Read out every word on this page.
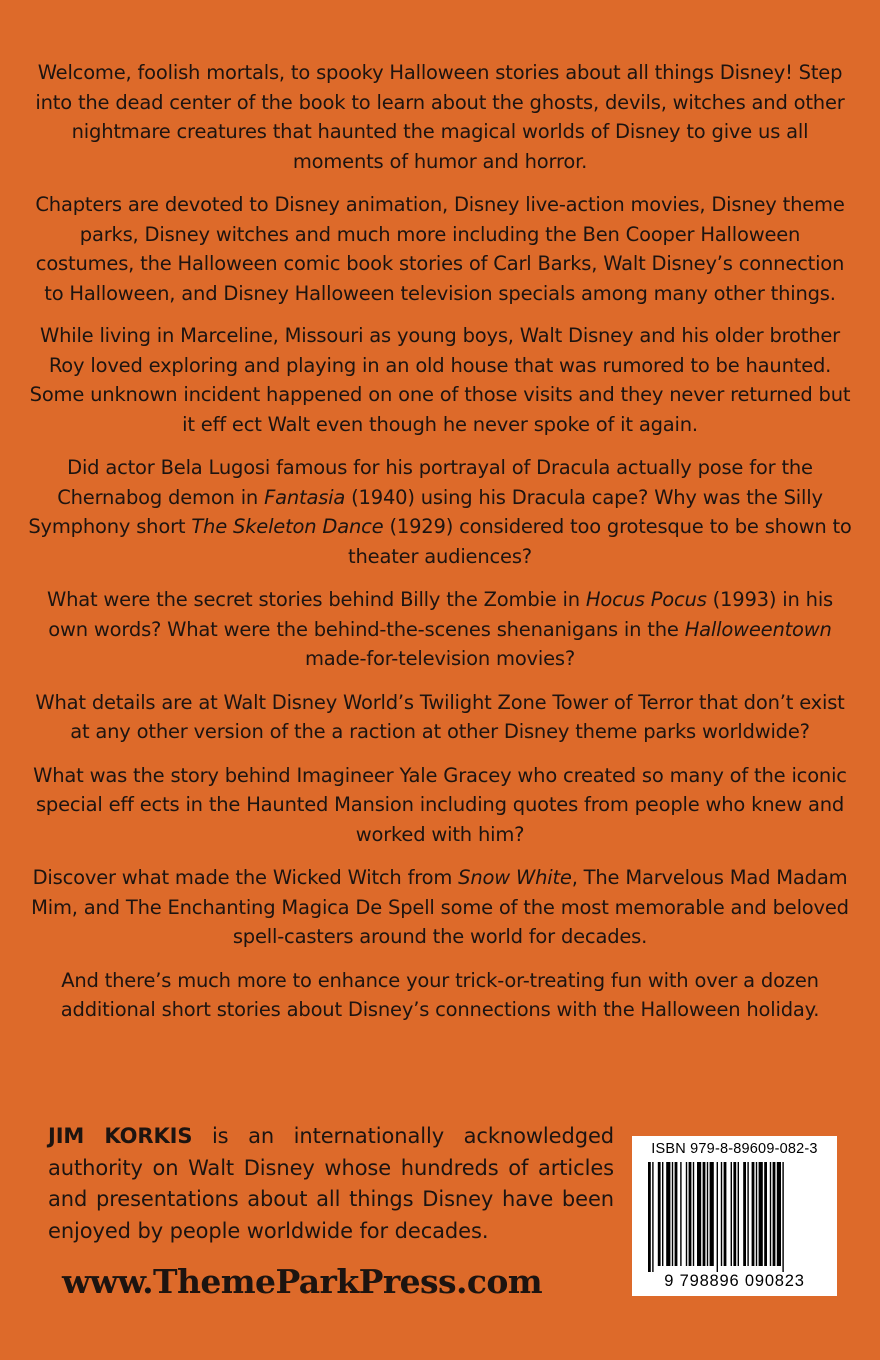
Welcome, foolish mortals, to spooky Halloween stories about all things Disney! Step into the dead center of the book to learn about the ghosts, devils, witches and other nightmare creatures that haunted the magical worlds of Disney to give us all moments of humor and horror.

Chapters are devoted to Disney animation, Disney live-action movies, Disney theme parks, Disney witches and much more including the Ben Cooper Halloween costumes, the Halloween comic book stories of Carl Barks, Walt Disney’s connection to Halloween, and Disney Halloween television specials among many other things.

While living in Marceline, Missouri as young boys, Walt Disney and his older brother Roy loved exploring and playing in an old house that was rumored to be haunted. Some unknown incident happened on one of those visits and they never returned but it eff ect Walt even though he never spoke of it again.

Did actor Bela Lugosi famous for his portrayal of Dracula actually pose for the Chernabog demon in Fantasia (1940) using his Dracula cape? Why was the Silly Symphony short The Skeleton Dance (1929) considered too grotesque to be shown to theater audiences?

What were the secret stories behind Billy the Zombie in Hocus Pocus (1993) in his own words? What were the behind-the-scenes shenanigans in the Halloweentown made-for-television movies?

What details are at Walt Disney World’s Twilight Zone Tower of Terror that don’t exist at any other version of the a raction at other Disney theme parks worldwide?

What was the story behind Imagineer Yale Gracey who created so many of the iconic special eff ects in the Haunted Mansion including quotes from people who knew and worked with him?

Discover what made the Wicked Witch from Snow White, The Marvelous Mad Madam Mim, and The Enchanting Magica De Spell some of the most memorable and beloved spell-casters around the world for decades.

And there’s much more to enhance your trick-or-treating fun with over a dozen additional short stories about Disney’s connections with the Halloween holiday.

JIM KORKIS is an internationally acknowledged authority on Walt Disney whose hundreds of articles and presentations about all things Disney have been enjoyed by people worldwide for decades.
www.ThemeParkPress.com
ISBN 979-8-89609-082-3
9 798896 090823
